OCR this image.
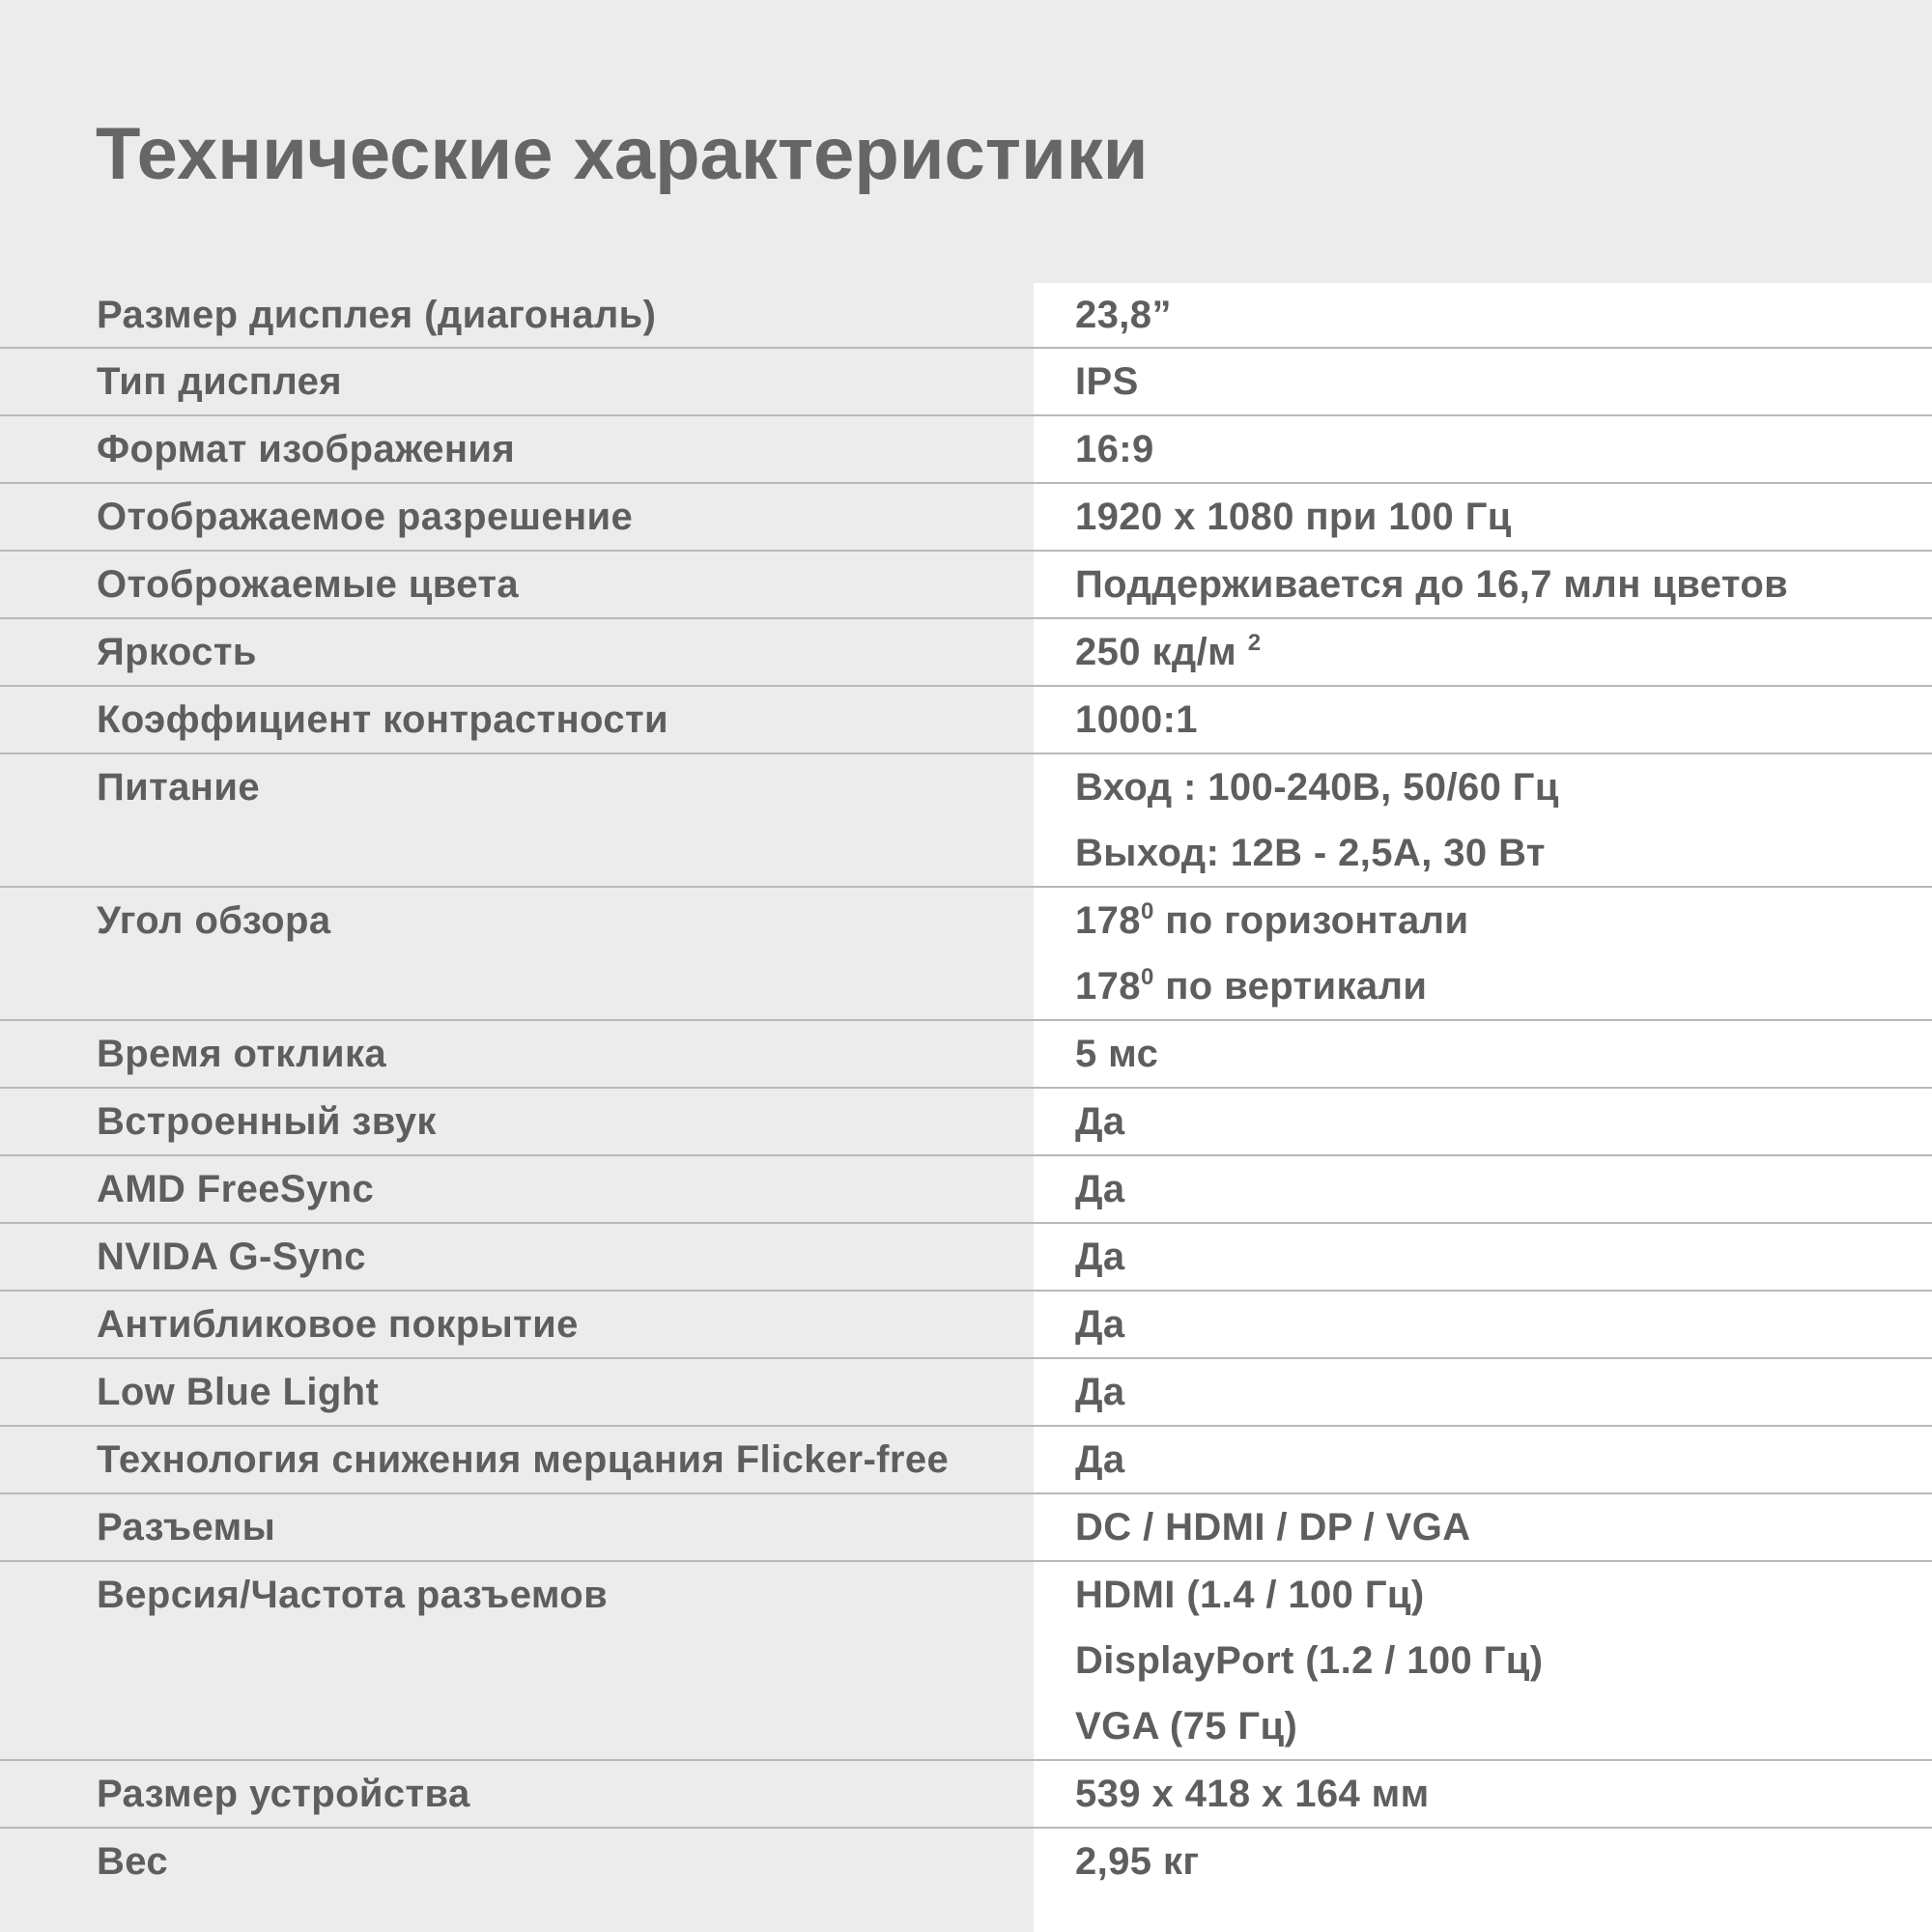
Технические характеристики
Размер дисплея (диагональ)	23,8”
Тип дисплея	IPS
Формат изображения	16:9
Отображаемое разрешение	1920 x 1080 при 100 Гц
Отоброжаемые цвета	Поддерживается до 16,7 млн цветов
Яркость	250 кд/м $^2$
Коэффициент контрастности	1000:1
Питание	Вход : 100-240В, 50/60 Гц
Выход: 12В - 2,5А, 30 Вт
Угол обзора	$178^0$ по горизонтали
$178^0$ по вертикали
Время отклика	5 мс
Встроенный звук	Да
AMD FreeSync	Да
NVIDA G-Sync	Да
Антибликовое покрытие	Да
Low Blue Light	Да
Технология снижения мерцания Flicker-free	Да
Разъемы	DC / HDMI / DP / VGA
Версия/Частота разъемов	HDMI (1.4 / 100 Гц)
DisplayPort (1.2 / 100 Гц)
VGA (75 Гц)
Размер устройства	539 x 418 x 164 мм
Вес	2,95 кг
